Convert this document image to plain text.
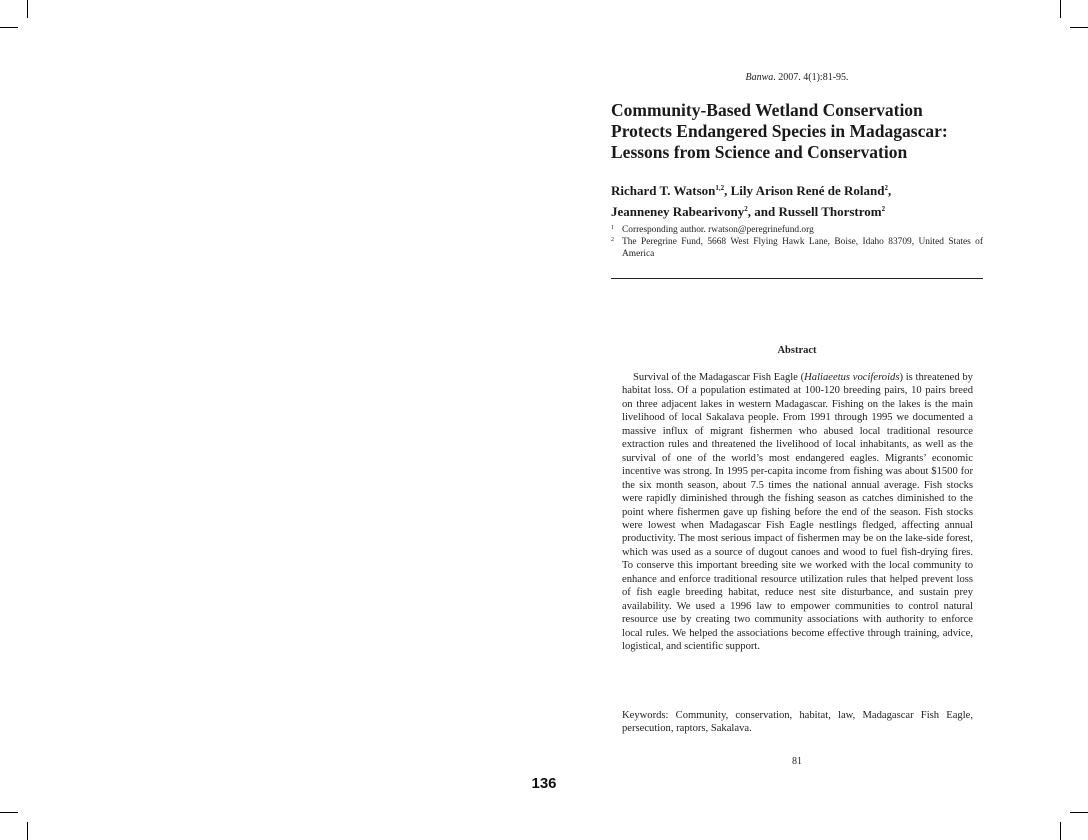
Banwa. 2007. 4(1):81-95.
Community-Based Wetland Conservation
Protects Endangered Species in Madagascar:
Lessons from Science and Conservation
Richard T. Watson$^{1,2}$, Lily Arison René de Roland$^2$,
Jeanneney Rabearivony$^2$, and Russell Thorstrom$^2$
1 Corresponding author. rwatson@peregrinefund.org
2 The Peregrine Fund, 5668 West Flying Hawk Lane, Boise, Idaho 83709, United States of America
Abstract

Survival of the Madagascar Fish Eagle (Haliaeetus vociferoids) is threatened by habitat loss. Of a population estimated at 100-120 breeding pairs, 10 pairs breed on three adjacent lakes in western Madagascar. Fishing on the lakes is the main livelihood of local Sakalava people. From 1991 through 1995 we documented a massive influx of migrant fishermen who abused local traditional resource extraction rules and threatened the livelihood of local inhabitants, as well as the survival of one of the world’s most endangered eagles. Migrants’ economic incentive was strong. In 1995 per-capita income from fishing was about $1500 for the six month season, about 7.5 times the national annual average. Fish stocks were rapidly diminished through the fishing season as catches diminished to the point where fishermen gave up fishing before the end of the season. Fish stocks were lowest when Madagascar Fish Eagle nestlings fledged, affecting annual productivity. The most serious impact of fishermen may be on the lake-side forest, which was used as a source of dugout canoes and wood to fuel fish-drying fires. To conserve this important breeding site we worked with the local community to enhance and enforce traditional resource utilization rules that helped prevent loss of fish eagle breeding habitat, reduce nest site disturbance, and sustain prey availability. We used a 1996 law to empower communities to control natural resource use by creating two community associations with authority to enforce local rules. We helped the associations become effective through training, advice, logistical, and scientific support.

Keywords: Community, conservation, habitat, law, Madagascar Fish Eagle, persecution, raptors, Sakalava.

81
136
